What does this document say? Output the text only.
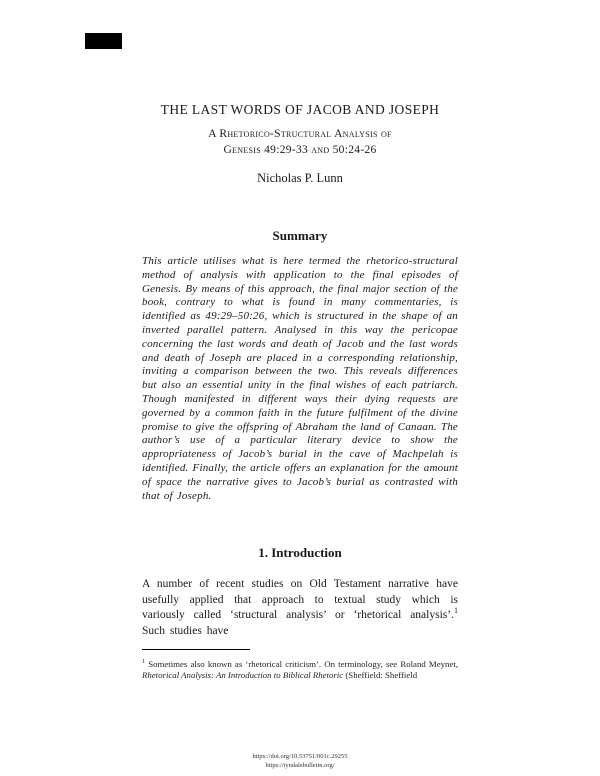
THE LAST WORDS OF JACOB AND JOSEPH
A Rhetorico-Structural Analysis of
Genesis 49:29-33 and 50:24-26
Nicholas P. Lunn
Summary

This article utilises what is here termed the rhetorico-structural method of analysis with application to the final episodes of Genesis. By means of this approach, the final major section of the book, contrary to what is found in many commentaries, is identified as 49:29–50:26, which is structured in the shape of an inverted parallel pattern. Analysed in this way the pericopae concerning the last words and death of Jacob and the last words and death of Joseph are placed in a corresponding relationship, inviting a comparison between the two. This reveals differences but also an essential unity in the final wishes of each patriarch. Though manifested in different ways their dying requests are governed by a common faith in the future fulfilment of the divine promise to give the offspring of Abraham the land of Canaan. The author’s use of a particular literary device to show the appropriateness of Jacob’s burial in the cave of Machpelah is identified. Finally, the article offers an explanation for the amount of space the narrative gives to Jacob’s burial as contrasted with that of Joseph.

1. Introduction

A number of recent studies on Old Testament narrative have usefully applied that approach to textual study which is variously called ‘structural analysis’ or ‘rhetorical analysis’.$^1$ Such studies have

$^1$ Sometimes also known as ‘rhetorical criticism’. On terminology, see Roland Meynet, Rhetorical Analysis: An Introduction to Biblical Rhetoric (Sheffield: Sheffield

https://doi.org/10.53751/001c.29255
https://tyndalebulletin.org/
